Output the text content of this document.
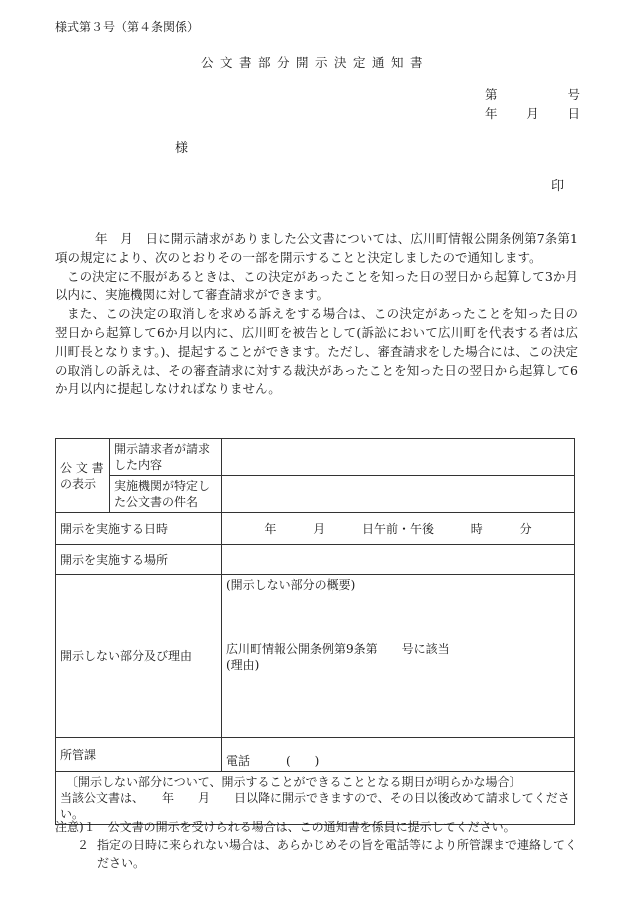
様式第３号（第４条関係）
公文書部分開示決定通知書
第	号
年 月 日
様
印

年　月　日に開示請求がありました公文書については、広川町情報公開条例第7条第1項の規定により、次のとおりその一部を開示することと決定しましたので通知します。

この決定に不服があるときは、この決定があったことを知った日の翌日から起算して3か月以内に、実施機関に対して審査請求ができます。

また、この決定の取消しを求める訴えをする場合は、この決定があったことを知った日の翌日から起算して6か月以内に、広川町を被告として(訴訟において広川町を代表する者は広川町長となります。)、提起することができます。ただし、審査請求をした場合には、この決定の取消しの訴えは、その審査請求に対する裁決があったことを知った日の翌日から起算して6か月以内に提起しなければなりません。

公 文 書の表示	開示請求者が請求した内容	
	実施機関が特定した公文書の件名	
開示を実施する日時		年 月 日午前・午後 時 分

開示を実施する場所		
開示しない部分及び理由		(開示しない部分の概要)
広川町情報公開条例第9条第　　号に該当
(理由)

所管課		電話　　　(　　)

〔開示しない部分について、開示することができることとなる期日が明らかな場合〕
当該公文書は、　　年　　月　　日以降に開示できますので、その日以後改めて請求してください。		
注意)１　公文書の開示を受けられる場合は、この通知書を係員に提示してください。
２ 指定の日時に来られない場合は、あらかじめその旨を電話等により所管課まで連絡してください。
